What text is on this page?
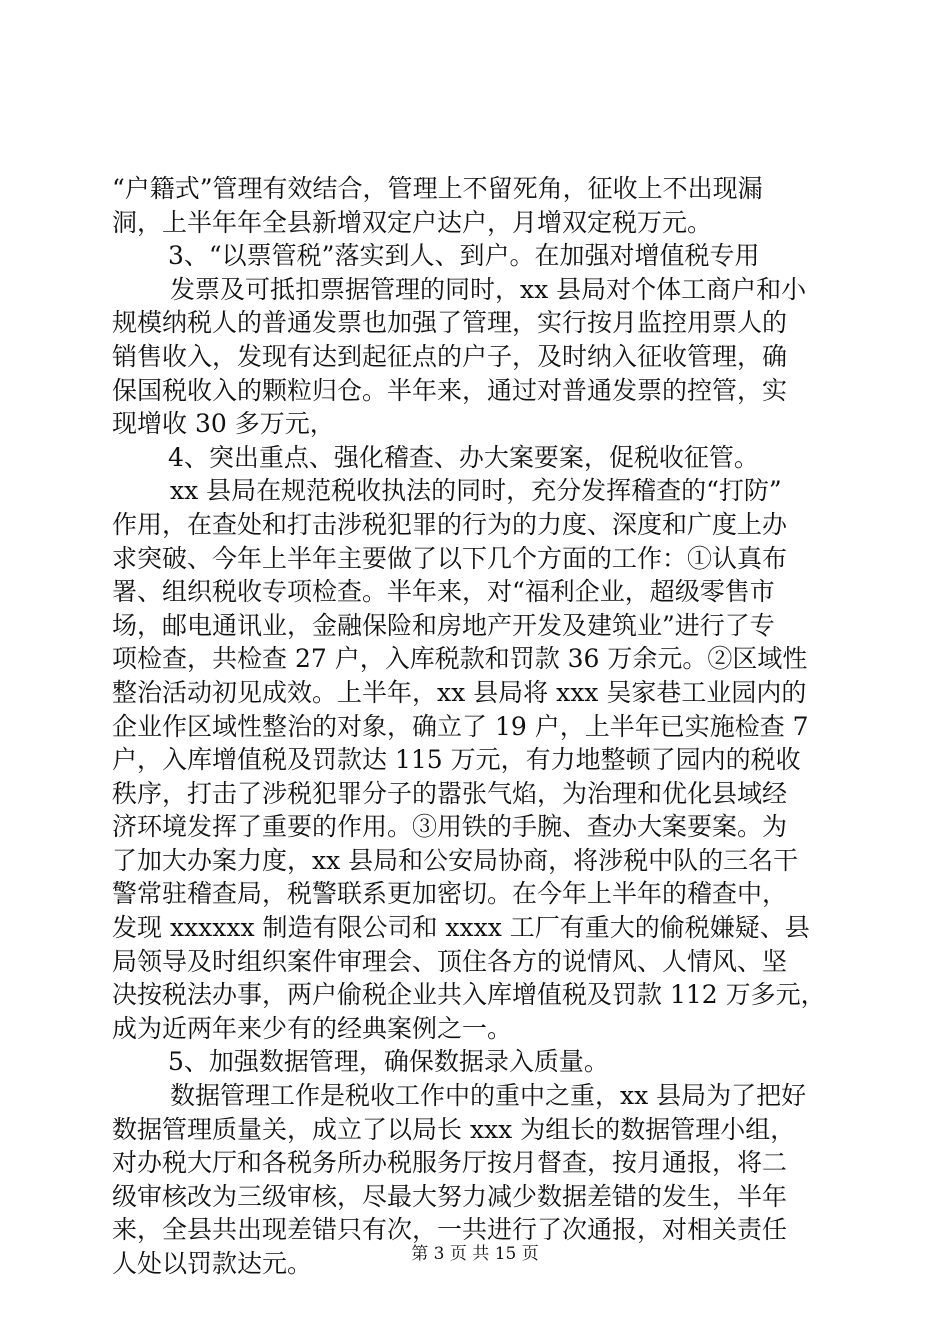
“户籍式”管理有效结合，管理上不留死角，征收上不出现漏
洞，上半年年全县新增双定户达户，月增双定税万元。
3、“以票管税”落实到人、到户。在加强对增值税专用
发票及可抵扣票据管理的同时，xx 县局对个体工商户和小
规模纳税人的普通发票也加强了管理，实行按月监控用票人的
销售收入，发现有达到起征点的户子，及时纳入征收管理，确
保国税收入的颗粒归仓。半年来，通过对普通发票的控管，实
现增收 30 多万元，
4、突出重点、强化稽查、办大案要案，促税收征管。
xx 县局在规范税收执法的同时，充分发挥稽查的“打防”
作用，在查处和打击涉税犯罪的行为的力度、深度和广度上办
求突破、今年上半年主要做了以下几个方面的工作：①认真布
署、组织税收专项检查。半年来，对“福利企业，超级零售市
场，邮电通讯业，金融保险和房地产开发及建筑业”进行了专
项检查，共检查 27 户，入库税款和罚款 36 万余元。②区域性
整治活动初见成效。上半年，xx 县局将 xxx 吴家巷工业园内的
企业作区域性整治的对象，确立了 19 户，上半年已实施检查 7
户，入库增值税及罚款达 115 万元，有力地整顿了园内的税收
秩序，打击了涉税犯罪分子的嚣张气焰，为治理和优化县域经
济环境发挥了重要的作用。③用铁的手腕、查办大案要案。为
了加大办案力度，xx 县局和公安局协商，将涉税中队的三名干
警常驻稽查局，税警联系更加密切。在今年上半年的稽查中，
发现 xxxxxx 制造有限公司和 xxxx 工厂有重大的偷税嫌疑、县
局领导及时组织案件审理会、顶住各方的说情风、人情风、坚
决按税法办事，两户偷税企业共入库增值税及罚款 112 万多元，
成为近两年来少有的经典案例之一。
5、加强数据管理，确保数据录入质量。
数据管理工作是税收工作中的重中之重，xx 县局为了把好
数据管理质量关，成立了以局长 xxx 为组长的数据管理小组，
对办税大厅和各税务所办税服务厅按月督查，按月通报，将二
级审核改为三级审核，尽最大努力减少数据差错的发生，半年
来，全县共出现差错只有次，一共进行了次通报，对相关责任
人处以罚款达元。	第 3 页 共 15 页
